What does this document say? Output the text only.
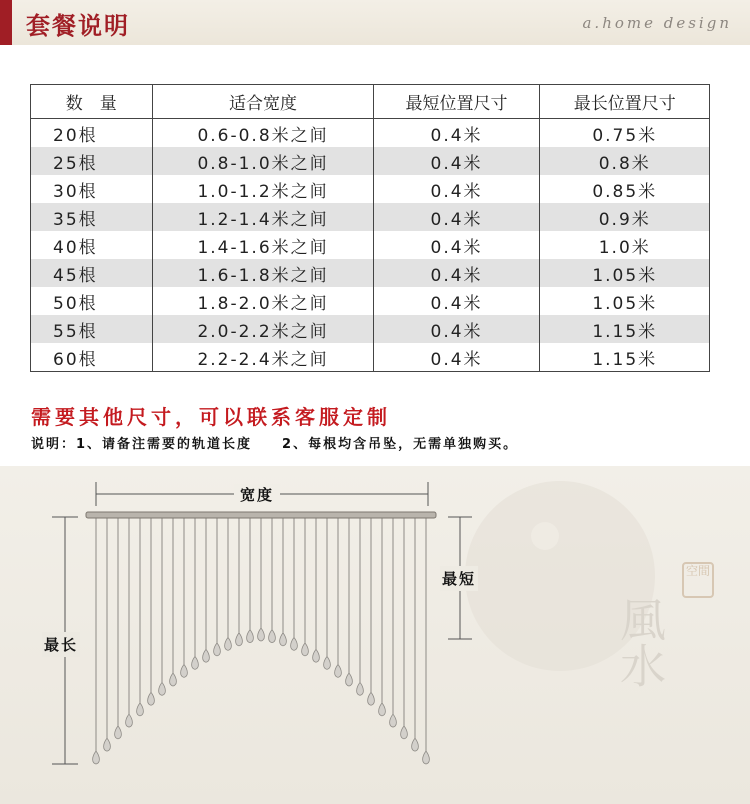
套餐说明	a.home design
数　量	适合宽度	最短位置尺寸	最长位置尺寸
20根	0.6-0.8米之间	0.4米	0.75米
25根	0.8-1.0米之间	0.4米	0.8米
30根	1.0-1.2米之间	0.4米	0.85米
35根	1.2-1.4米之间	0.4米	0.9米
40根	1.4-1.6米之间	0.4米	1.0米
45根	1.6-1.8米之间	0.4米	1.05米
50根	1.8-2.0米之间	0.4米	1.05米
55根	2.0-2.2米之间	0.4米	1.15米
60根	2.2-2.4米之间	0.4米	1.15米
需要其他尺寸，可以联系客服定制
说明：1、请备注需要的轨道长度　　2、每根均含吊坠，无需单独购买。
空間
風水
宽度
最短
最长
